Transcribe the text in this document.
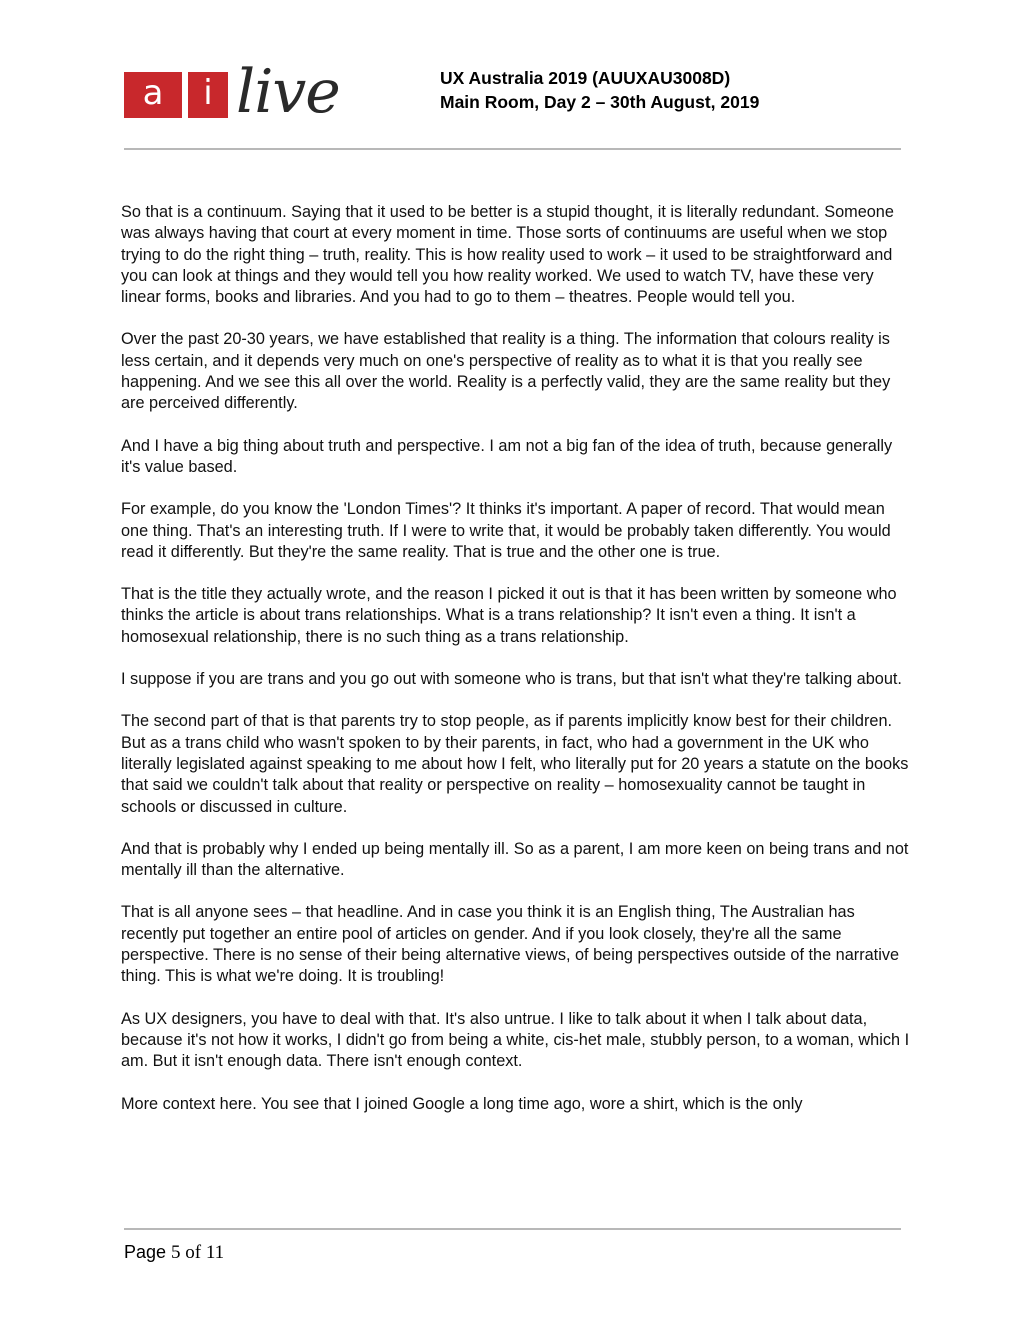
a	i live	UX Australia 2019 (AUUXAU3008D)
Main Room, Day 2 – 30th August, 2019

So that is a continuum. Saying that it used to be better is a stupid thought, it is literally redundant. Someone was always having that court at every moment in time. Those sorts of continuums are useful when we stop trying to do the right thing – truth, reality. This is how reality used to work – it used to be straightforward and you can look at things and they would tell you how reality worked. We used to watch TV, have these very linear forms, books and libraries. And you had to go to them – theatres. People would tell you.

Over the past 20-30 years, we have established that reality is a thing. The information that colours reality is less certain, and it depends very much on one's perspective of reality as to what it is that you really see happening. And we see this all over the world. Reality is a perfectly valid, they are the same reality but they are perceived differently.

And I have a big thing about truth and perspective. I am not a big fan of the idea of truth, because generally it's value based.

For example, do you know the 'London Times'? It thinks it's important. A paper of record. That would mean one thing. That's an interesting truth. If I were to write that, it would be probably taken differently. You would read it differently. But they're the same reality. That is true and the other one is true.

That is the title they actually wrote, and the reason I picked it out is that it has been written by someone who thinks the article is about trans relationships. What is a trans relationship? It isn't even a thing. It isn't a homosexual relationship, there is no such thing as a trans relationship.

I suppose if you are trans and you go out with someone who is trans, but that isn't what they're talking about.

The second part of that is that parents try to stop people, as if parents implicitly know best for their children. But as a trans child who wasn't spoken to by their parents, in fact, who had a government in the UK who literally legislated against speaking to me about how I felt, who literally put for 20 years a statute on the books that said we couldn't talk about that reality or perspective on reality – homosexuality cannot be taught in schools or discussed in culture.

And that is probably why I ended up being mentally ill. So as a parent, I am more keen on being trans and not mentally ill than the alternative.

That is all anyone sees – that headline. And in case you think it is an English thing, The Australian has recently put together an entire pool of articles on gender. And if you look closely, they're all the same perspective. There is no sense of their being alternative views, of being perspectives outside of the narrative thing. This is what we're doing. It is troubling!

As UX designers, you have to deal with that. It's also untrue. I like to talk about it when I talk about data, because it's not how it works, I didn't go from being a white, cis-het male, stubbly person, to a woman, which I am. But it isn't enough data. There isn't enough context.

More context here. You see that I joined Google a long time ago, wore a shirt, which is the only

Page 5 of 11
